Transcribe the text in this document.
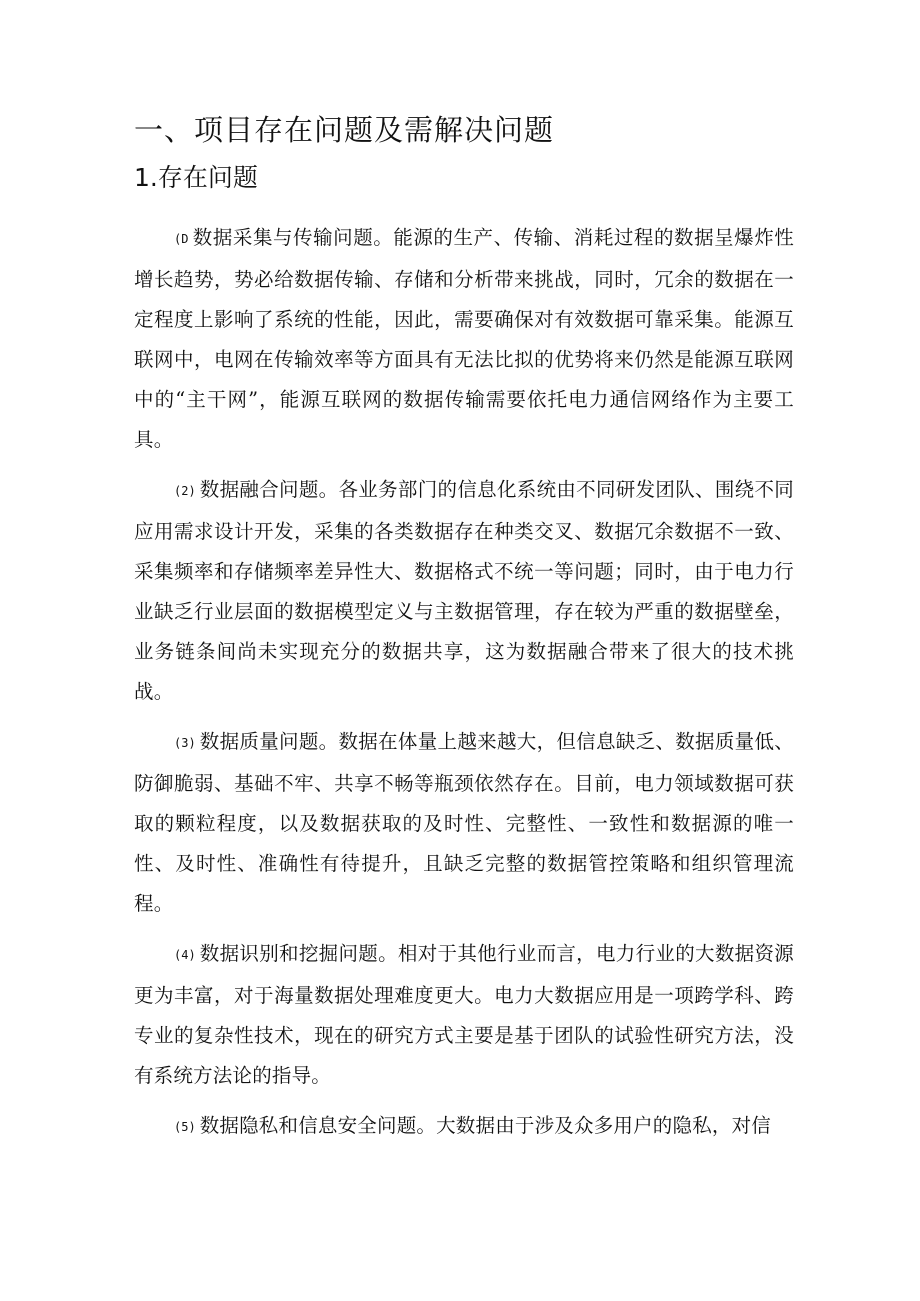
一、项目存在问题及需解决问题
1.存在问题

(D 数据采集与传输问题。能源的生产、传输、消耗过程的数据呈爆炸性增长趋势，势必给数据传输、存储和分析带来挑战，同时，冗余的数据在一定程度上影响了系统的性能，因此，需要确保对有效数据可靠采集。能源互联网中，电网在传输效率等方面具有无法比拟的优势将来仍然是能源互联网中的“主干网”，能源互联网的数据传输需要依托电力通信网络作为主要工具。

(2) 数据融合问题。各业务部门的信息化系统由不同研发团队、围绕不同应用需求设计开发，采集的各类数据存在种类交叉、数据冗余数据不一致、采集频率和存储频率差异性大、数据格式不统一等问题；同时，由于电力行业缺乏行业层面的数据模型定义与主数据管理，存在较为严重的数据壁垒，业务链条间尚未实现充分的数据共享，这为数据融合带来了很大的技术挑战。

(3) 数据质量问题。数据在体量上越来越大，但信息缺乏、数据质量低、防御脆弱、基础不牢、共享不畅等瓶颈依然存在。目前，电力领域数据可获取的颗粒程度，以及数据获取的及时性、完整性、一致性和数据源的唯一性、及时性、准确性有待提升，且缺乏完整的数据管控策略和组织管理流程。

(4) 数据识别和挖掘问题。相对于其他行业而言，电力行业的大数据资源更为丰富，对于海量数据处理难度更大。电力大数据应用是一项跨学科、跨专业的复杂性技术，现在的研究方式主要是基于团队的试验性研究方法，没有系统方法论的指导。

(5) 数据隐私和信息安全问题。大数据由于涉及众多用户的隐私，对信
